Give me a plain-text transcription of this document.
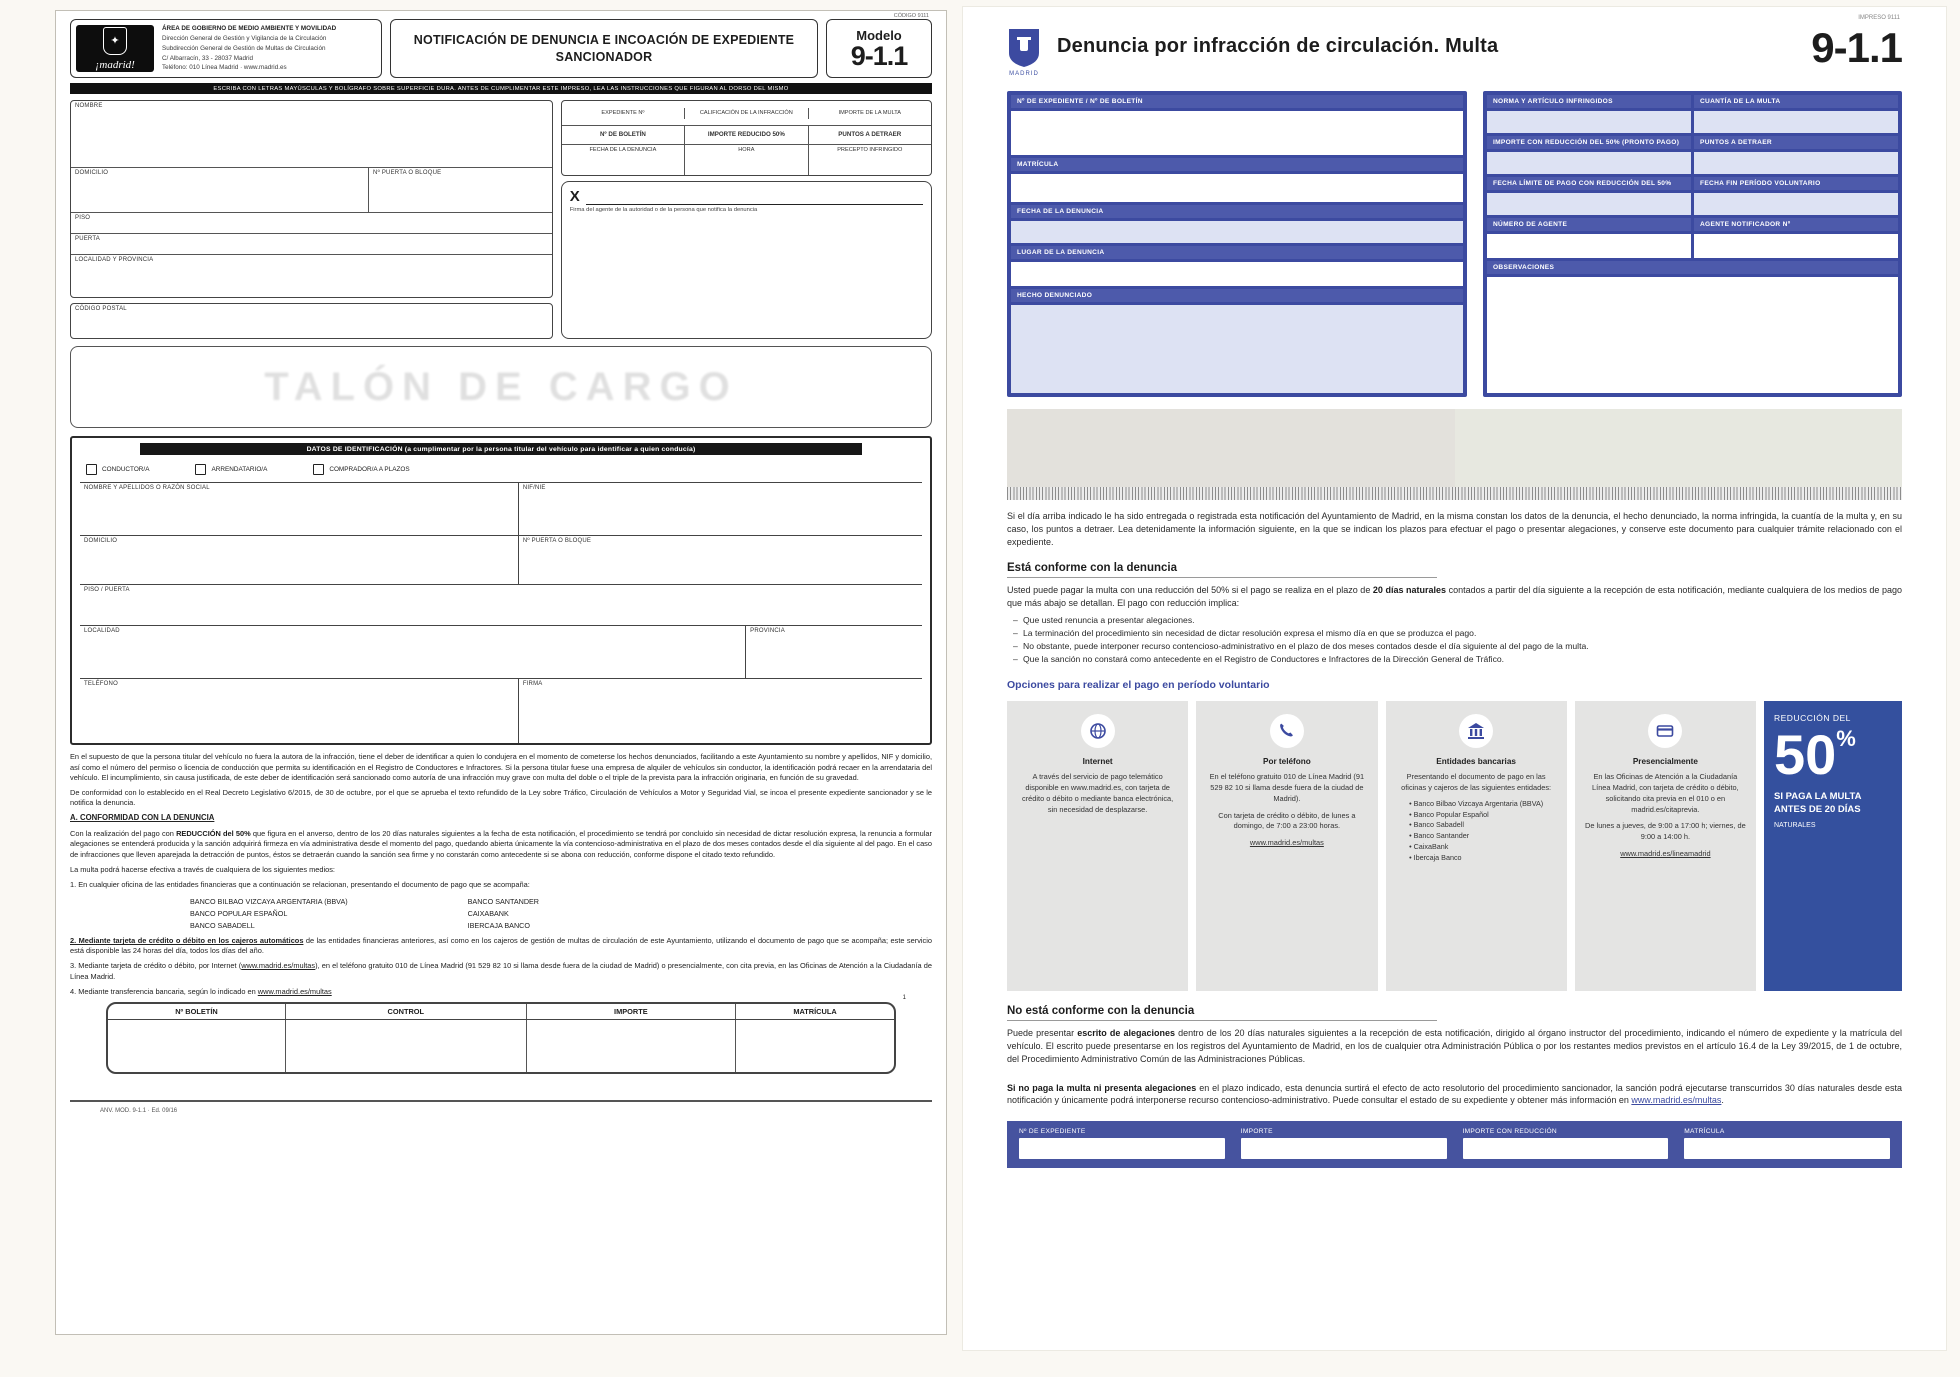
✦
¡madrid!
ÁREA DE GOBIERNO DE MEDIO AMBIENTE Y MOVILIDAD
Dirección General de Gestión y Vigilancia de la Circulación
Subdirección General de Gestión de Multas de Circulación
C/ Albarracín, 33 - 28037 Madrid
Teléfono: 010 Línea Madrid · www.madrid.es
NOTIFICACIÓN DE DENUNCIA E INCOACIÓN DE EXPEDIENTE SANCIONADOR
CÓDIGO 9111
Modelo
9-1.1
ESCRIBA CON LETRAS MAYÚSCULAS Y BOLÍGRAFO SOBRE SUPERFICIE DURA. ANTES DE CUMPLIMENTAR ESTE IMPRESO, LEA LAS INSTRUCCIONES QUE FIGURAN AL DORSO DEL MISMO
NOMBRE
DOMICILIO	Nº PUERTA O BLOQUE
PISO
PUERTA
LOCALIDAD Y PROVINCIA
CÓDIGO POSTAL
EXPEDIENTE Nº	CALIFICACIÓN DE LA INFRACCIÓN	IMPORTE DE LA MULTA
Nº DE BOLETÍN	IMPORTE REDUCIDO 50%	PUNTOS A DETRAER
FECHA DE LA DENUNCIA	HORA	PRECEPTO INFRINGIDO
X
Firma del agente de la autoridad o de la persona que notifica la denuncia
TALÓN DE CARGO
DATOS DE IDENTIFICACIÓN (a cumplimentar por la persona titular del vehículo para identificar a quien conducía)
CONDUCTOR/A	ARRENDATARIO/A	COMPRADOR/A A PLAZOS
NOMBRE Y APELLIDOS O RAZÓN SOCIAL	NIF/NIE
DOMICILIO	Nº PUERTA O BLOQUE
PISO / PUERTA
LOCALIDAD	PROVINCIA
TELÉFONO	FIRMA

En el supuesto de que la persona titular del vehículo no fuera la autora de la infracción, tiene el deber de identificar a quien lo condujera en el momento de cometerse los hechos denunciados, facilitando a este Ayuntamiento su nombre y apellidos, NIF y domicilio, así como el número del permiso o licencia de conducción que permita su identificación en el Registro de Conductores e Infractores. Si la persona titular fuese una empresa de alquiler de vehículos sin conductor, la identificación podrá recaer en la arrendataria del vehículo. El incumplimiento, sin causa justificada, de este deber de identificación será sancionado como autoría de una infracción muy grave con multa del doble o el triple de la prevista para la infracción originaria, en función de su gravedad.

De conformidad con lo establecido en el Real Decreto Legislativo 6/2015, de 30 de octubre, por el que se aprueba el texto refundido de la Ley sobre Tráfico, Circulación de Vehículos a Motor y Seguridad Vial, se incoa el presente expediente sancionador y se le notifica la denuncia.

A. CONFORMIDAD CON LA DENUNCIA

Con la realización del pago con REDUCCIÓN del 50% que figura en el anverso, dentro de los 20 días naturales siguientes a la fecha de esta notificación, el procedimiento se tendrá por concluido sin necesidad de dictar resolución expresa, la renuncia a formular alegaciones se entenderá producida y la sanción adquirirá firmeza en vía administrativa desde el momento del pago, quedando abierta únicamente la vía contencioso-administrativa en el plazo de dos meses contados desde el día siguiente al del pago. En el caso de infracciones que lleven aparejada la detracción de puntos, éstos se detraerán cuando la sanción sea firme y no constarán como antecedente si se abona con reducción, conforme dispone el citado texto refundido.

La multa podrá hacerse efectiva a través de cualquiera de los siguientes medios:

1. En cualquier oficina de las entidades financieras que a continuación se relacionan, presentando el documento de pago que se acompaña:

BANCO BILBAO VIZCAYA ARGENTARIA (BBVA)
BANCO POPULAR ESPAÑOL
BANCO SABADELL
BANCO SANTANDER
CAIXABANK
IBERCAJA BANCO

2. Mediante tarjeta de crédito o débito en los cajeros automáticos de las entidades financieras anteriores, así como en los cajeros de gestión de multas de circulación de este Ayuntamiento, utilizando el documento de pago que se acompaña; este servicio está disponible las 24 horas del día, todos los días del año.

3. Mediante tarjeta de crédito o débito, por Internet (www.madrid.es/multas), en el teléfono gratuito 010 de Línea Madrid (91 529 82 10 si llama desde fuera de la ciudad de Madrid) o presencialmente, con cita previa, en las Oficinas de Atención a la Ciudadanía de Línea Madrid.

4. Mediante transferencia bancaria, según lo indicado en www.madrid.es/multas

1
Nº BOLETÍN	CONTROL	IMPORTE	MATRÍCULA
ANV. MOD. 9-1.1 · Ed. 09/16
IMPRESO 9111
MADRID
Denuncia por infracción de circulación. Multa	9-1.1
Nº DE EXPEDIENTE / Nº DE BOLETÍN
MATRÍCULA
FECHA DE LA DENUNCIA
LUGAR DE LA DENUNCIA
HECHO DENUNCIADO
NORMA Y ARTÍCULO INFRINGIDOS	CUANTÍA DE LA MULTA
IMPORTE CON REDUCCIÓN DEL 50% (PRONTO PAGO)	PUNTOS A DETRAER
FECHA LÍMITE DE PAGO CON REDUCCIÓN DEL 50%	FECHA FIN PERÍODO VOLUNTARIO
NÚMERO DE AGENTE	AGENTE NOTIFICADOR Nº
OBSERVACIONES

Si el día arriba indicado le ha sido entregada o registrada esta notificación del Ayuntamiento de Madrid, en la misma constan los datos de la denuncia, el hecho denunciado, la norma infringida, la cuantía de la multa y, en su caso, los puntos a detraer. Lea detenidamente la información siguiente, en la que se indican los plazos para efectuar el pago o presentar alegaciones, y conserve este documento para cualquier trámite relacionado con el expediente.

Está conforme con la denuncia

Usted puede pagar la multa con una reducción del 50% si el pago se realiza en el plazo de 20 días naturales contados a partir del día siguiente a la recepción de esta notificación, mediante cualquiera de los medios de pago que más abajo se detallan. El pago con reducción implica:

– Que usted renuncia a presentar alegaciones.
– La terminación del procedimiento sin necesidad de dictar resolución expresa el mismo día en que se produzca el pago.
– No obstante, puede interponer recurso contencioso-administrativo en el plazo de dos meses contados desde el día siguiente al del pago de la multa.
– Que la sanción no constará como antecedente en el Registro de Conductores e Infractores de la Dirección General de Tráfico.
Opciones para realizar el pago en período voluntario
Internet
A través del servicio de pago telemático disponible en www.madrid.es, con tarjeta de crédito o débito o mediante banca electrónica, sin necesidad de desplazarse.
Por teléfono
En el teléfono gratuito 010 de Línea Madrid (91 529 82 10 si llama desde fuera de la ciudad de Madrid).
Con tarjeta de crédito o débito, de lunes a domingo, de 7:00 a 23:00 horas.
www.madrid.es/multas
Entidades bancarias
Presentando el documento de pago en las oficinas y cajeros de las siguientes entidades:
• Banco Bilbao Vizcaya Argentaria (BBVA)
• Banco Popular Español
• Banco Sabadell
• Banco Santander
• CaixaBank
• Ibercaja Banco
Presencialmente
En las Oficinas de Atención a la Ciudadanía Línea Madrid, con tarjeta de crédito o débito, solicitando cita previa en el 010 o en madrid.es/citaprevia.
De lunes a jueves, de 9:00 a 17:00 h; viernes, de 9:00 a 14:00 h.
www.madrid.es/lineamadrid
REDUCCIÓN DEL
50%
SI PAGA LA MULTA
ANTES DE 20 DÍAS
NATURALES
No está conforme con la denuncia

Puede presentar escrito de alegaciones dentro de los 20 días naturales siguientes a la recepción de esta notificación, dirigido al órgano instructor del procedimiento, indicando el número de expediente y la matrícula del vehículo. El escrito puede presentarse en los registros del Ayuntamiento de Madrid, en los de cualquier otra Administración Pública o por los restantes medios previstos en el artículo 16.4 de la Ley 39/2015, de 1 de octubre, del Procedimiento Administrativo Común de las Administraciones Públicas.

Si no paga la multa ni presenta alegaciones en el plazo indicado, esta denuncia surtirá el efecto de acto resolutorio del procedimiento sancionador, la sanción podrá ejecutarse transcurridos 30 días naturales desde esta notificación y únicamente podrá interponerse recurso contencioso-administrativo. Puede consultar el estado de su expediente y obtener más información en www.madrid.es/multas.

Nº DE EXPEDIENTE	IMPORTE	IMPORTE CON REDUCCIÓN	MATRÍCULA
